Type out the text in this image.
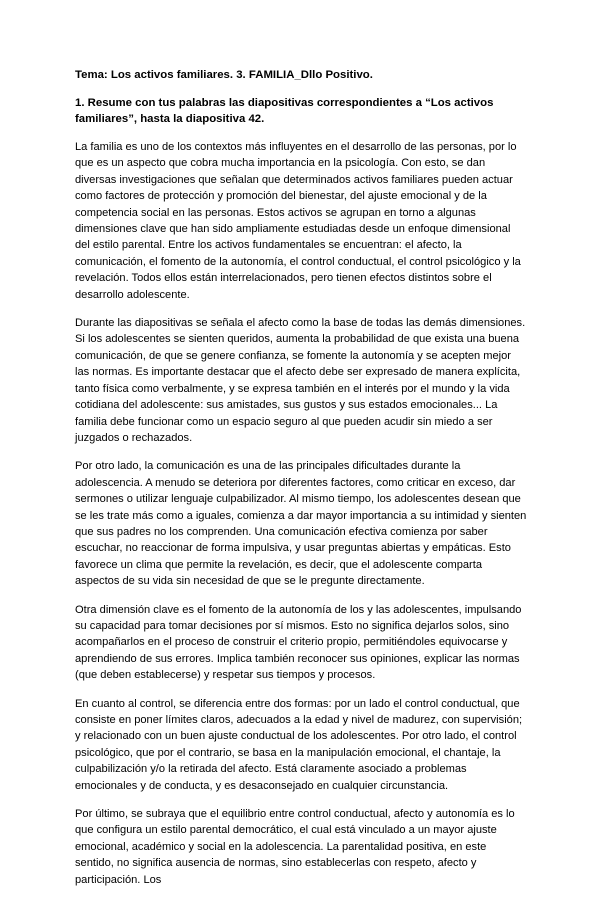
Tema: Los activos familiares. 3. FAMILIA_Dllo Positivo.

1. Resume con tus palabras las diapositivas correspondientes a “Los activos familiares”, hasta la diapositiva 42.

La familia es uno de los contextos más influyentes en el desarrollo de las personas, por lo que es un aspecto que cobra mucha importancia en la psicología. Con esto, se dan diversas investigaciones que señalan que determinados activos familiares pueden actuar como factores de protección y promoción del bienestar, del ajuste emocional y de la competencia social en las personas. Estos activos se agrupan en torno a algunas dimensiones clave que han sido ampliamente estudiadas desde un enfoque dimensional del estilo parental. Entre los activos fundamentales se encuentran: el afecto, la comunicación, el fomento de la autonomía, el control conductual, el control psicológico y la revelación. Todos ellos están interrelacionados, pero tienen efectos distintos sobre el desarrollo adolescente.

Durante las diapositivas se señala el afecto como la base de todas las demás dimensiones. Si los adolescentes se sienten queridos, aumenta la probabilidad de que exista una buena comunicación, de que se genere confianza, se fomente la autonomía y se acepten mejor las normas. Es importante destacar que el afecto debe ser expresado de manera explícita, tanto física como verbalmente, y se expresa también en el interés por el mundo y la vida cotidiana del adolescente: sus amistades, sus gustos y sus estados emocionales... La familia debe funcionar como un espacio seguro al que pueden acudir sin miedo a ser juzgados o rechazados.

Por otro lado, la comunicación es una de las principales dificultades durante la adolescencia. A menudo se deteriora por diferentes factores, como criticar en exceso, dar sermones o utilizar lenguaje culpabilizador. Al mismo tiempo, los adolescentes desean que se les trate más como a iguales, comienza a dar mayor importancia a su intimidad y sienten que sus padres no los comprenden. Una comunicación efectiva comienza por saber escuchar, no reaccionar de forma impulsiva, y usar preguntas abiertas y empáticas. Esto favorece un clima que permite la revelación, es decir, que el adolescente comparta aspectos de su vida sin necesidad de que se le pregunte directamente.

Otra dimensión clave es el fomento de la autonomía de los y las adolescentes, impulsando su capacidad para tomar decisiones por sí mismos. Esto no significa dejarlos solos, sino acompañarlos en el proceso de construir el criterio propio, permitiéndoles equivocarse y aprendiendo de sus errores. Implica también reconocer sus opiniones, explicar las normas (que deben establecerse) y respetar sus tiempos y procesos.

En cuanto al control, se diferencia entre dos formas: por un lado el control conductual, que consiste en poner límites claros, adecuados a la edad y nivel de madurez, con supervisión; y relacionado con un buen ajuste conductual de los adolescentes. Por otro lado, el control psicológico, que por el contrario, se basa en la manipulación emocional, el chantaje, la culpabilización y/o la retirada del afecto. Está claramente asociado a problemas emocionales y de conducta, y es desaconsejado en cualquier circunstancia.

Por último, se subraya que el equilibrio entre control conductual, afecto y autonomía es lo que configura un estilo parental democrático, el cual está vinculado a un mayor ajuste emocional, académico y social en la adolescencia. La parentalidad positiva, en este sentido, no significa ausencia de normas, sino establecerlas con respeto, afecto y participación. Los
